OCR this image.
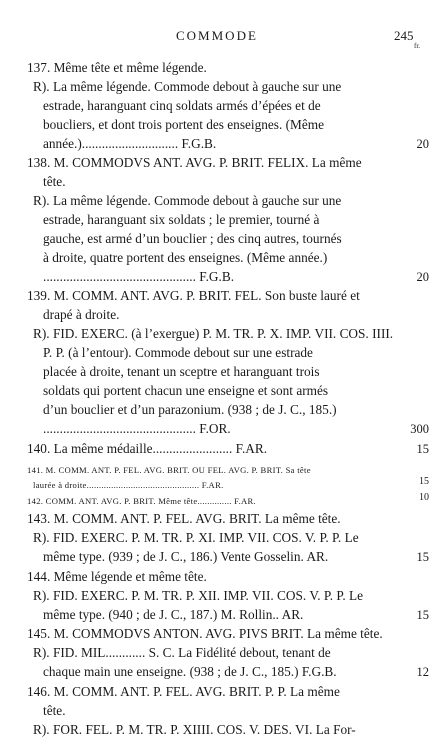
COMMODE	245
fr.
137. Même tête et même légende.
R). La même légende. Commode debout à gauche sur une
estrade, haranguant cinq soldats armés d’épées et de
boucliers, et dont trois portent des enseignes. (Même
année.)............................. F.G.B.	20
138. M. COMMODVS ANT. AVG. P. BRIT. FELIX. La même
tête.
R). La même légende. Commode debout à gauche sur une
estrade, haranguant six soldats ; le premier, tourné à
gauche, est armé d’un bouclier ; des cinq autres, tournés
à droite, quatre portent des enseignes. (Même année.)
.............................................. F.G.B.	20
139. M. COMM. ANT. AVG. P. BRIT. FEL. Son buste lauré et
drapé à droite.
R). FID. EXERC. (à l’exergue) P. M. TR. P. X. IMP. VII. COS. IIII.
P. P. (à l’entour). Commode debout sur une estrade
placée à droite, tenant un sceptre et haranguant trois
soldats qui portent chacun une enseigne et sont armés
d’un bouclier et d’un parazonium. (938 ; de J. C., 185.)
.............................................. F.OR.	300
140. La même médaille........................ F.AR.	15
141. M. COMM. ANT. P. FEL. AVG. BRIT. OU FEL. AVG. P. BRIT. Sa tête
laurée à droite.............................................. F.AR.	15
142. COMM. ANT. AVG. P. BRIT. Même tête.............. F.AR.	10
143. M. COMM. ANT. P. FEL. AVG. BRIT. La même tête.
R). FID. EXERC. P. M. TR. P. XI. IMP. VII. COS. V. P. P. Le
même type. (939 ; de J. C., 186.) Vente Gosselin. AR.	15
144. Même légende et même tête.
R). FID. EXERC. P. M. TR. P. XII. IMP. VII. COS. V. P. P. Le
même type. (940 ; de J. C., 187.) M. Rollin.. AR.	15
145. M. COMMODVS ANTON. AVG. PIVS BRIT. La même tête.
R). FID. MIL............ S. C. La Fidélité debout, tenant de
chaque main une enseigne. (938 ; de J. C., 185.) F.G.B.	12
146. M. COMM. ANT. P. FEL. AVG. BRIT. P. P. La même
tête.
R). FOR. FEL. P. M. TR. P. XIIII. COS. V. DES. VI. La For-
